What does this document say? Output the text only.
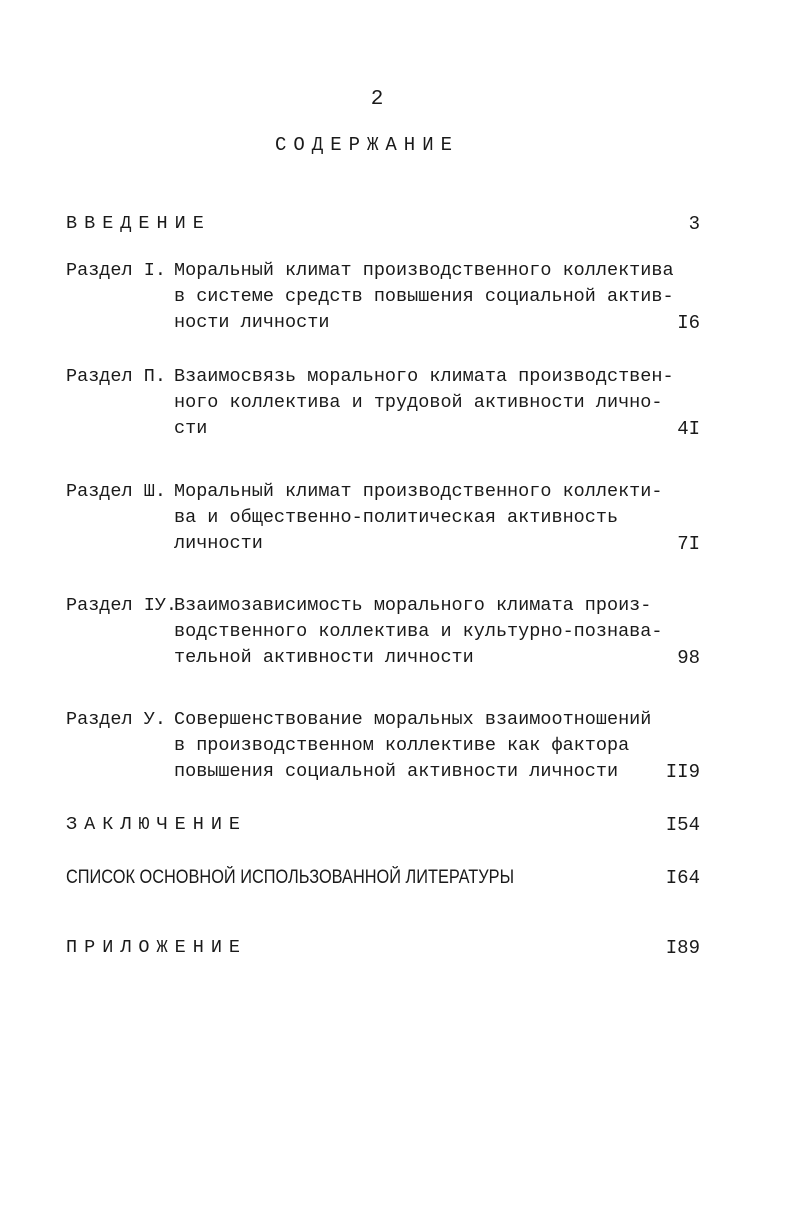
2
СОДЕРЖАНИЕ
ВВЕДЕНИЕ	3
Раздел I. Моральный климат производственного коллектива
в системе средств повышения социальной актив-
ности личности	I6
Раздел П. Взаимосвязь морального климата производствен-
ного коллектива и трудовой активности лично-
сти	4I
Раздел Ш. Моральный климат производственного коллекти-
ва и общественно-политическая активность
личности	7I
Раздел IУ.
Взаимозависимость морального климата произ-
водственного коллектива и культурно-познава-
тельной активности личности	98
Раздел У. Совершенствование моральных взаимоотношений
в производственном коллективе как фактора
повышения социальной активности личности	II9
ЗАКЛЮЧЕНИЕ	I54
СПИСОК ОСНОВНОЙ ИСПОЛЬЗОВАННОЙ ЛИТЕРАТУРЫ	I64
ПРИЛОЖЕНИЕ	I89
